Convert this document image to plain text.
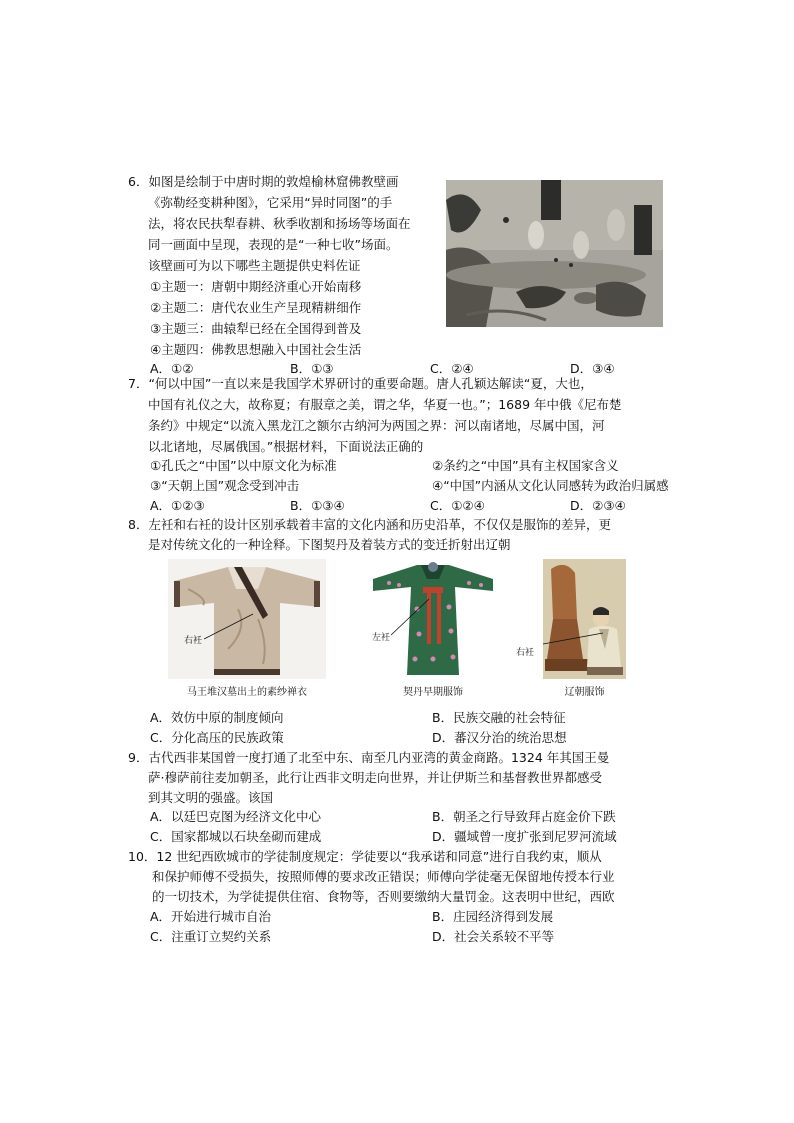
6．如图是绘制于中唐时期的敦煌榆林窟佛教壁画
《弥勒经变耕种图》，它采用“异时同图”的手
法，将农民扶犁春耕、秋季收割和扬场等场面在
同一画面中呈现，表现的是“一种七收”场面。
该壁画可为以下哪些主题提供史料佐证
①主题一：唐朝中期经济重心开始南移
②主题二：唐代农业生产呈现精耕细作
③主题三：曲辕犁已经在全国得到普及
④主题四：佛教思想融入中国社会生活
A．①②	B．①③	C．②④	D．③④
7．“何以中国”一直以来是我国学术界研讨的重要命题。唐人孔颖达解读“夏，大也，
中国有礼仪之大，故称夏；有服章之美，谓之华，华夏一也。”；1689 年中俄《尼布楚
条约》中规定“以流入黑龙江之额尔古纳河为两国之界：河以南诸地，尽属中国，河
以北诸地，尽属俄国。”根据材料，下面说法正确的
①孔氏之“中国”以中原文化为标准	②条约之“中国”具有主权国家含义
③“天朝上国”观念受到冲击	④“中国”内涵从文化认同感转为政治归属感
A．①②③	B．①③④	C．①②④	D．②③④
8．左衽和右衽的设计区别承载着丰富的文化内涵和历史沿革，不仅仅是服饰的差异，更
是对传统文化的一种诠释。下图契丹及着装方式的变迁折射出辽朝
右衽	左衽
右衽
马王堆汉墓出土的素纱禅衣	契丹早期服饰	辽朝服饰
A．效仿中原的制度倾向	B．民族交融的社会特征
C．分化高压的民族政策	D．蕃汉分治的统治思想
9．古代西非某国曾一度打通了北至中东、南至几内亚湾的黄金商路。1324 年其国王曼
萨·穆萨前往麦加朝圣，此行让西非文明走向世界，并让伊斯兰和基督教世界都感受
到其文明的强盛。该国
A．以廷巴克图为经济文化中心	B．朝圣之行导致拜占庭金价下跌
C．国家都城以石块垒砌而建成	D．疆域曾一度扩张到尼罗河流域
10．12 世纪西欧城市的学徒制度规定：学徒要以“我承诺和同意”进行自我约束，顺从
和保护师傅不受损失，按照师傅的要求改正错误；师傅向学徒毫无保留地传授本行业
的一切技术，为学徒提供住宿、食物等，否则要缴纳大量罚金。这表明中世纪，西欧
A．开始进行城市自治	B．庄园经济得到发展
C．注重订立契约关系	D．社会关系较不平等
